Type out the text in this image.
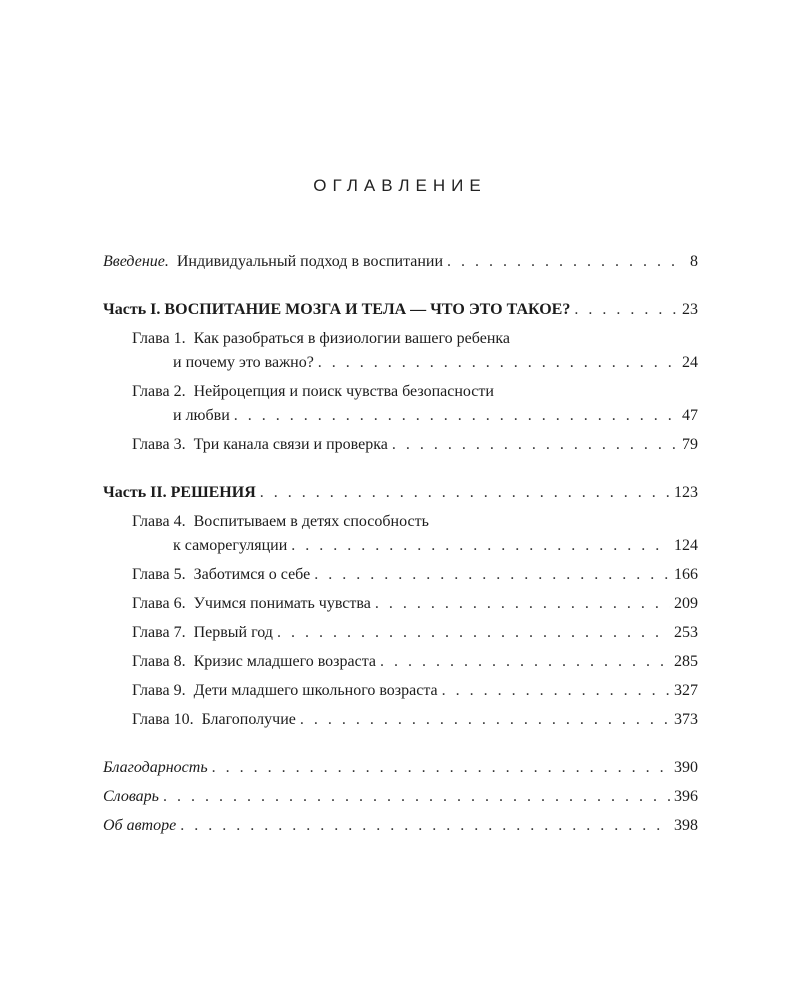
ОГЛАВЛЕНИЕ
Введение.
Индивидуальный подход в воспитании . . .	8
Часть I. ВОСПИТАНИЕ МОЗГА И ТЕЛА — ЧТО ЭТО ТАКОЕ? . . .	23
Глава 1.
Как разобраться в физиологии вашего ребенка
и почему это важно? . . .	24
Глава 2.
Нейроцепция и поиск чувства безопасности
и любви . . .	47
Глава 3.
Три канала связи и проверка . . .	79
Часть II. РЕШЕНИЯ . . .	123
Глава 4.
Воспитываем в детях способность
к саморегуляции . . .	124
Глава 5.
Заботимся о себе . . .	166
Глава 6.
Учимся понимать чувства . . .	209
Глава 7.
Первый год . . .	253
Глава 8.
Кризис младшего возраста . . .	285
Глава 9.
Дети младшего школьного возраста . . .	327
Глава 10.
Благополучие . . .	373
Благодарность . . .	390
Словарь . . .	396
Об авторе . . .	398
